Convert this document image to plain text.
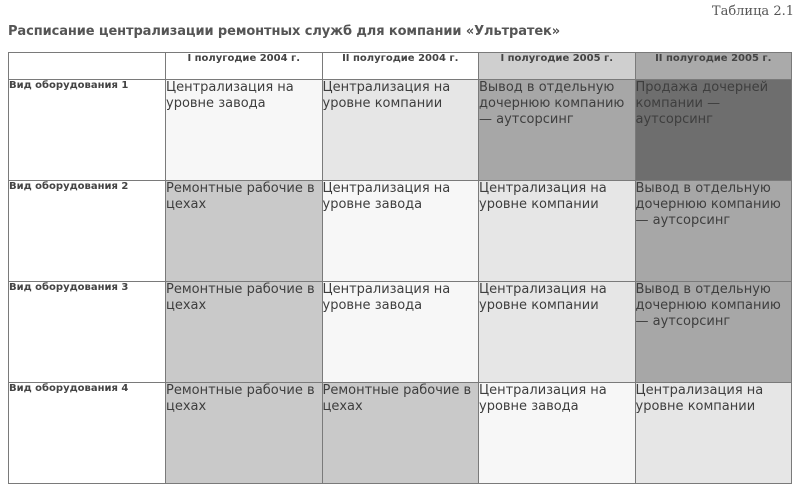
Таблица 2.1
Расписание централизации ремонтных служб для компании «Ультратек»
	I полугодие 2004 г.	II полугодие 2004 г.	I полугодие 2005 г.	II полугодие 2005 г.
Вид оборудования 1	Централизация на уровне завода	Централизация на уровне компании	Вывод в отдельную дочернюю компанию — аутсорсинг	Продажа дочерней компании — аутсорсинг
Вид оборудования 2	Ремонтные рабочие в цехах	Централизация на уровне завода	Централизация на уровне компании	Вывод в отдельную дочернюю компанию — аутсорсинг
Вид оборудования 3	Ремонтные рабочие в цехах	Централизация на уровне завода	Централизация на уровне компании	Вывод в отдельную дочернюю компанию — аутсорсинг
Вид оборудования 4	Ремонтные рабочие в цехах	Ремонтные рабочие в цехах	Централизация на уровне завода	Централизация на уровне компании
